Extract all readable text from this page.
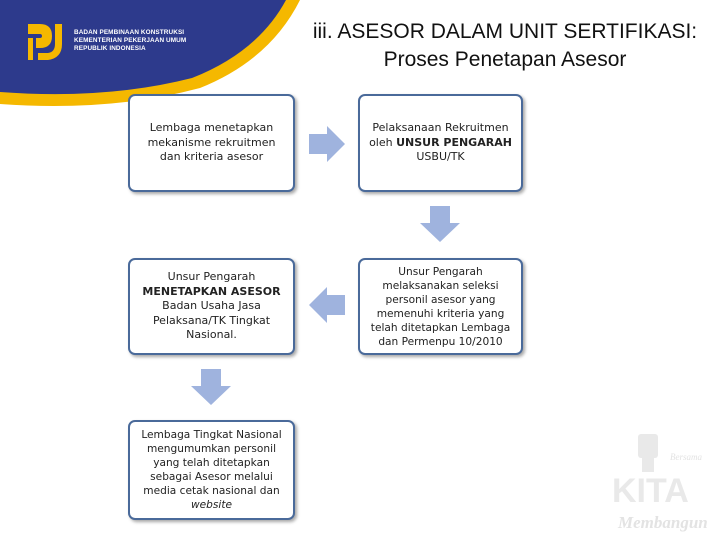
BADAN PEMBINAAN KONSTRUKSI
KEMENTERIAN PEKERJAAN UMUM
REPUBLIK INDONESIA
iii. ASESOR DALAM UNIT SERTIFIKASI:
Proses Penetapan Asesor
Lembaga menetapkan mekanisme rekruitmen dan kriteria asesor
Pelaksanaan Rekruitmen oleh UNSUR PENGARAH USBU/TK
Unsur Pengarah melaksanakan seleksi personil asesor yang memenuhi kriteria yang telah ditetapkan Lembaga dan Permenpu 10/2010
Unsur Pengarah
MENETAPKAN ASESOR
Badan Usaha Jasa Pelaksana/TK Tingkat Nasional.
Lembaga Tingkat Nasional mengumumkan personil yang telah ditetapkan sebagai Asesor melalui media cetak nasional dan website
Bersama
KITA
Membangun
